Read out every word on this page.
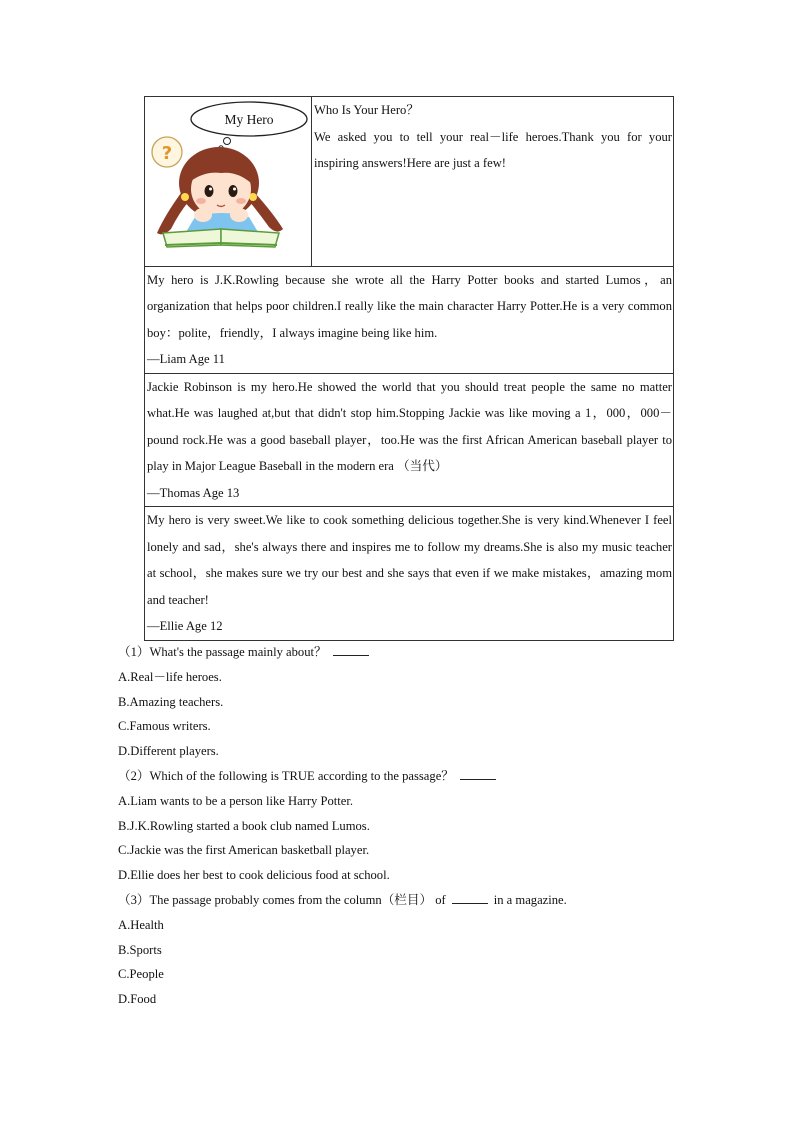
My Hero
?

Who Is Your Hero？
We asked you to tell your real－life heroes.Thank you for your inspiring answers!Here are just a few!

My hero is J.K.Rowling because she wrote all the Harry Potter books and started Lumos，an organization that helps poor children.I really like the main character Harry Potter.He is a very common boy：polite，friendly，I always imagine being like him.
—Liam Age 11

Jackie Robinson is my hero.He showed the world that you should treat people the same no matter what.He was laughed at,but that didn't stop him.Stopping Jackie was like moving a 1，000，000－pound rock.He was a good baseball player，too.He was the first African American baseball player to play in Major League Baseball in the modern era （当代）
—Thomas Age 13

My hero is very sweet.We like to cook something delicious together.She is very kind.Whenever I feel lonely and sad，she's always there and inspires me to follow my dreams.She is also my music teacher at school，she makes sure we try our best and she says that even if we make mistakes，amazing mom and teacher!
—Ellie Age 12
（1）What's the passage mainly about？
A.Real－life heroes.
B.Amazing teachers.
C.Famous writers.
D.Different players.
（2）Which of the following is TRUE according to the passage？
A.Liam wants to be a person like Harry Potter.
B.J.K.Rowling started a book club named Lumos.
C.Jackie was the first American basketball player.
D.Ellie does her best to cook delicious food at school.
（3）The passage probably comes from the column（栏目） of	in a magazine.
A.Health
B.Sports
C.People
D.Food
